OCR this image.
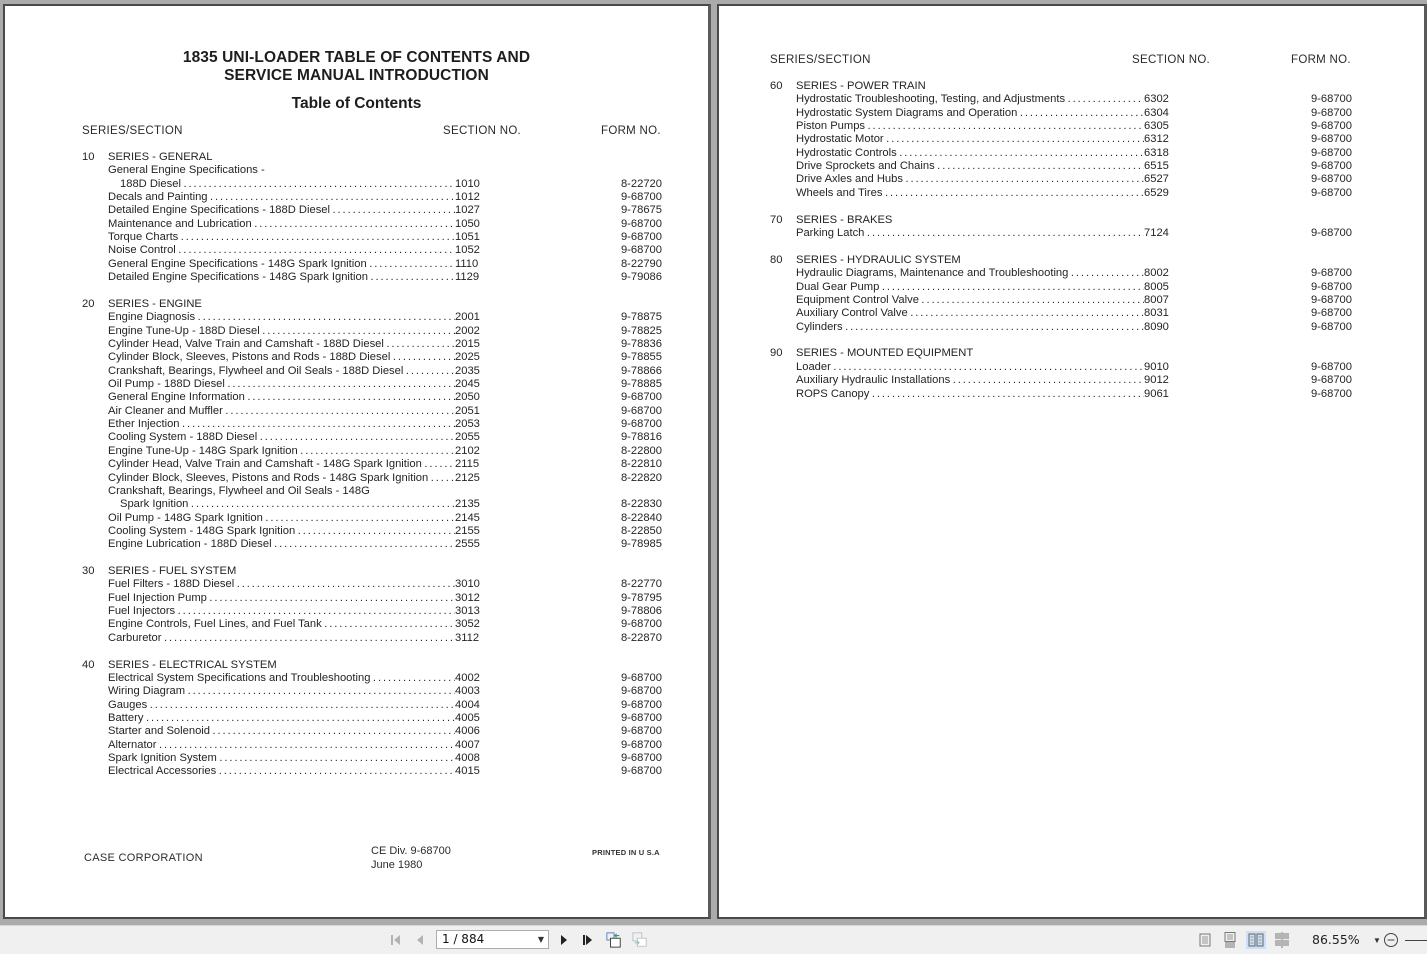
1835 UNI-LOADER TABLE OF CONTENTS AND
SERVICE MANUAL INTRODUCTION
Table of Contents
SERIES/SECTION	SECTION NO.	FORM NO.
10 SERIES - GENERAL
General Engine Specifications -
188D Diesel . . .	1010	8-22720
Decals and Painting . . .	1012	9-68700
Detailed Engine Specifications - 188D Diesel . . .	1027	9-78675
Maintenance and Lubrication . . .	1050	9-68700
Torque Charts . . .	1051	9-68700
Noise Control . . .	1052	9-68700
General Engine Specifications - 148G Spark Ignition . . .	1110	8-22790
Detailed Engine Specifications - 148G Spark Ignition . . .	1129	9-79086
20 SERIES - ENGINE
Engine Diagnosis . . .	2001	9-78875
Engine Tune-Up - 188D Diesel . . .	2002	9-78825
Cylinder Head, Valve Train and Camshaft - 188D Diesel . . .	2015	9-78836
Cylinder Block, Sleeves, Pistons and Rods - 188D Diesel . . .	2025	9-78855
Crankshaft, Bearings, Flywheel and Oil Seals - 188D Diesel . . .	2035	9-78866
Oil Pump - 188D Diesel . . .	2045	9-78885
General Engine Information . . .	2050	9-68700
Air Cleaner and Muffler . . .	2051	9-68700
Ether Injection . . .	2053	9-68700
Cooling System - 188D Diesel . . .	2055	9-78816
Engine Tune-Up - 148G Spark Ignition . . .	2102	8-22800
Cylinder Head, Valve Train and Camshaft - 148G Spark Ignition . . .	2115	8-22810
Cylinder Block, Sleeves, Pistons and Rods - 148G Spark Ignition . . .	2125	8-22820
Crankshaft, Bearings, Flywheel and Oil Seals - 148G
Spark Ignition . . .	2135	8-22830
Oil Pump - 148G Spark Ignition . . .	2145	8-22840
Cooling System - 148G Spark Ignition . . .	2155	8-22850
Engine Lubrication - 188D Diesel . . .	2555	9-78985
30 SERIES - FUEL SYSTEM
Fuel Filters - 188D Diesel . . .	3010	8-22770
Fuel Injection Pump . . .	3012	9-78795
Fuel Injectors . . .	3013	9-78806
Engine Controls, Fuel Lines, and Fuel Tank . . .	3052	9-68700
Carburetor . . .	3112	8-22870
40 SERIES - ELECTRICAL SYSTEM
Electrical System Specifications and Troubleshooting . . .	4002	9-68700
Wiring Diagram . . .	4003	9-68700
Gauges . . .	4004	9-68700
Battery . . .	4005	9-68700
Starter and Solenoid . . .	4006	9-68700
Alternator . . .	4007	9-68700
Spark Ignition System . . .	4008	9-68700
Electrical Accessories . . .	4015	9-68700
CASE CORPORATION
CE Div. 9-68700
June 1980
PRINTED IN U S.A
SERIES/SECTION	SECTION NO.	FORM NO.
60 SERIES - POWER TRAIN
Hydrostatic Troubleshooting, Testing, and Adjustments . . .	6302	9-68700
Hydrostatic System Diagrams and Operation . . .	6304	9-68700
Piston Pumps . . .	6305	9-68700
Hydrostatic Motor . . .	6312	9-68700
Hydrostatic Controls . . .	6318	9-68700
Drive Sprockets and Chains . . .	6515	9-68700
Drive Axles and Hubs . . .	6527	9-68700
Wheels and Tires . . .	6529	9-68700
70 SERIES - BRAKES
Parking Latch . . .	7124	9-68700
80 SERIES - HYDRAULIC SYSTEM
Hydraulic Diagrams, Maintenance and Troubleshooting . . .	8002	9-68700
Dual Gear Pump . . .	8005	9-68700
Equipment Control Valve . . .	8007	9-68700
Auxiliary Control Valve . . .	8031	9-68700
Cylinders . . .	8090	9-68700
90 SERIES - MOUNTED EQUIPMENT
Loader . . .	9010	9-68700
Auxiliary Hydraulic Installations . . .	9012	9-68700
ROPS Canopy . . .	9061	9-68700
1 / 884	▼	86.55%	▼
